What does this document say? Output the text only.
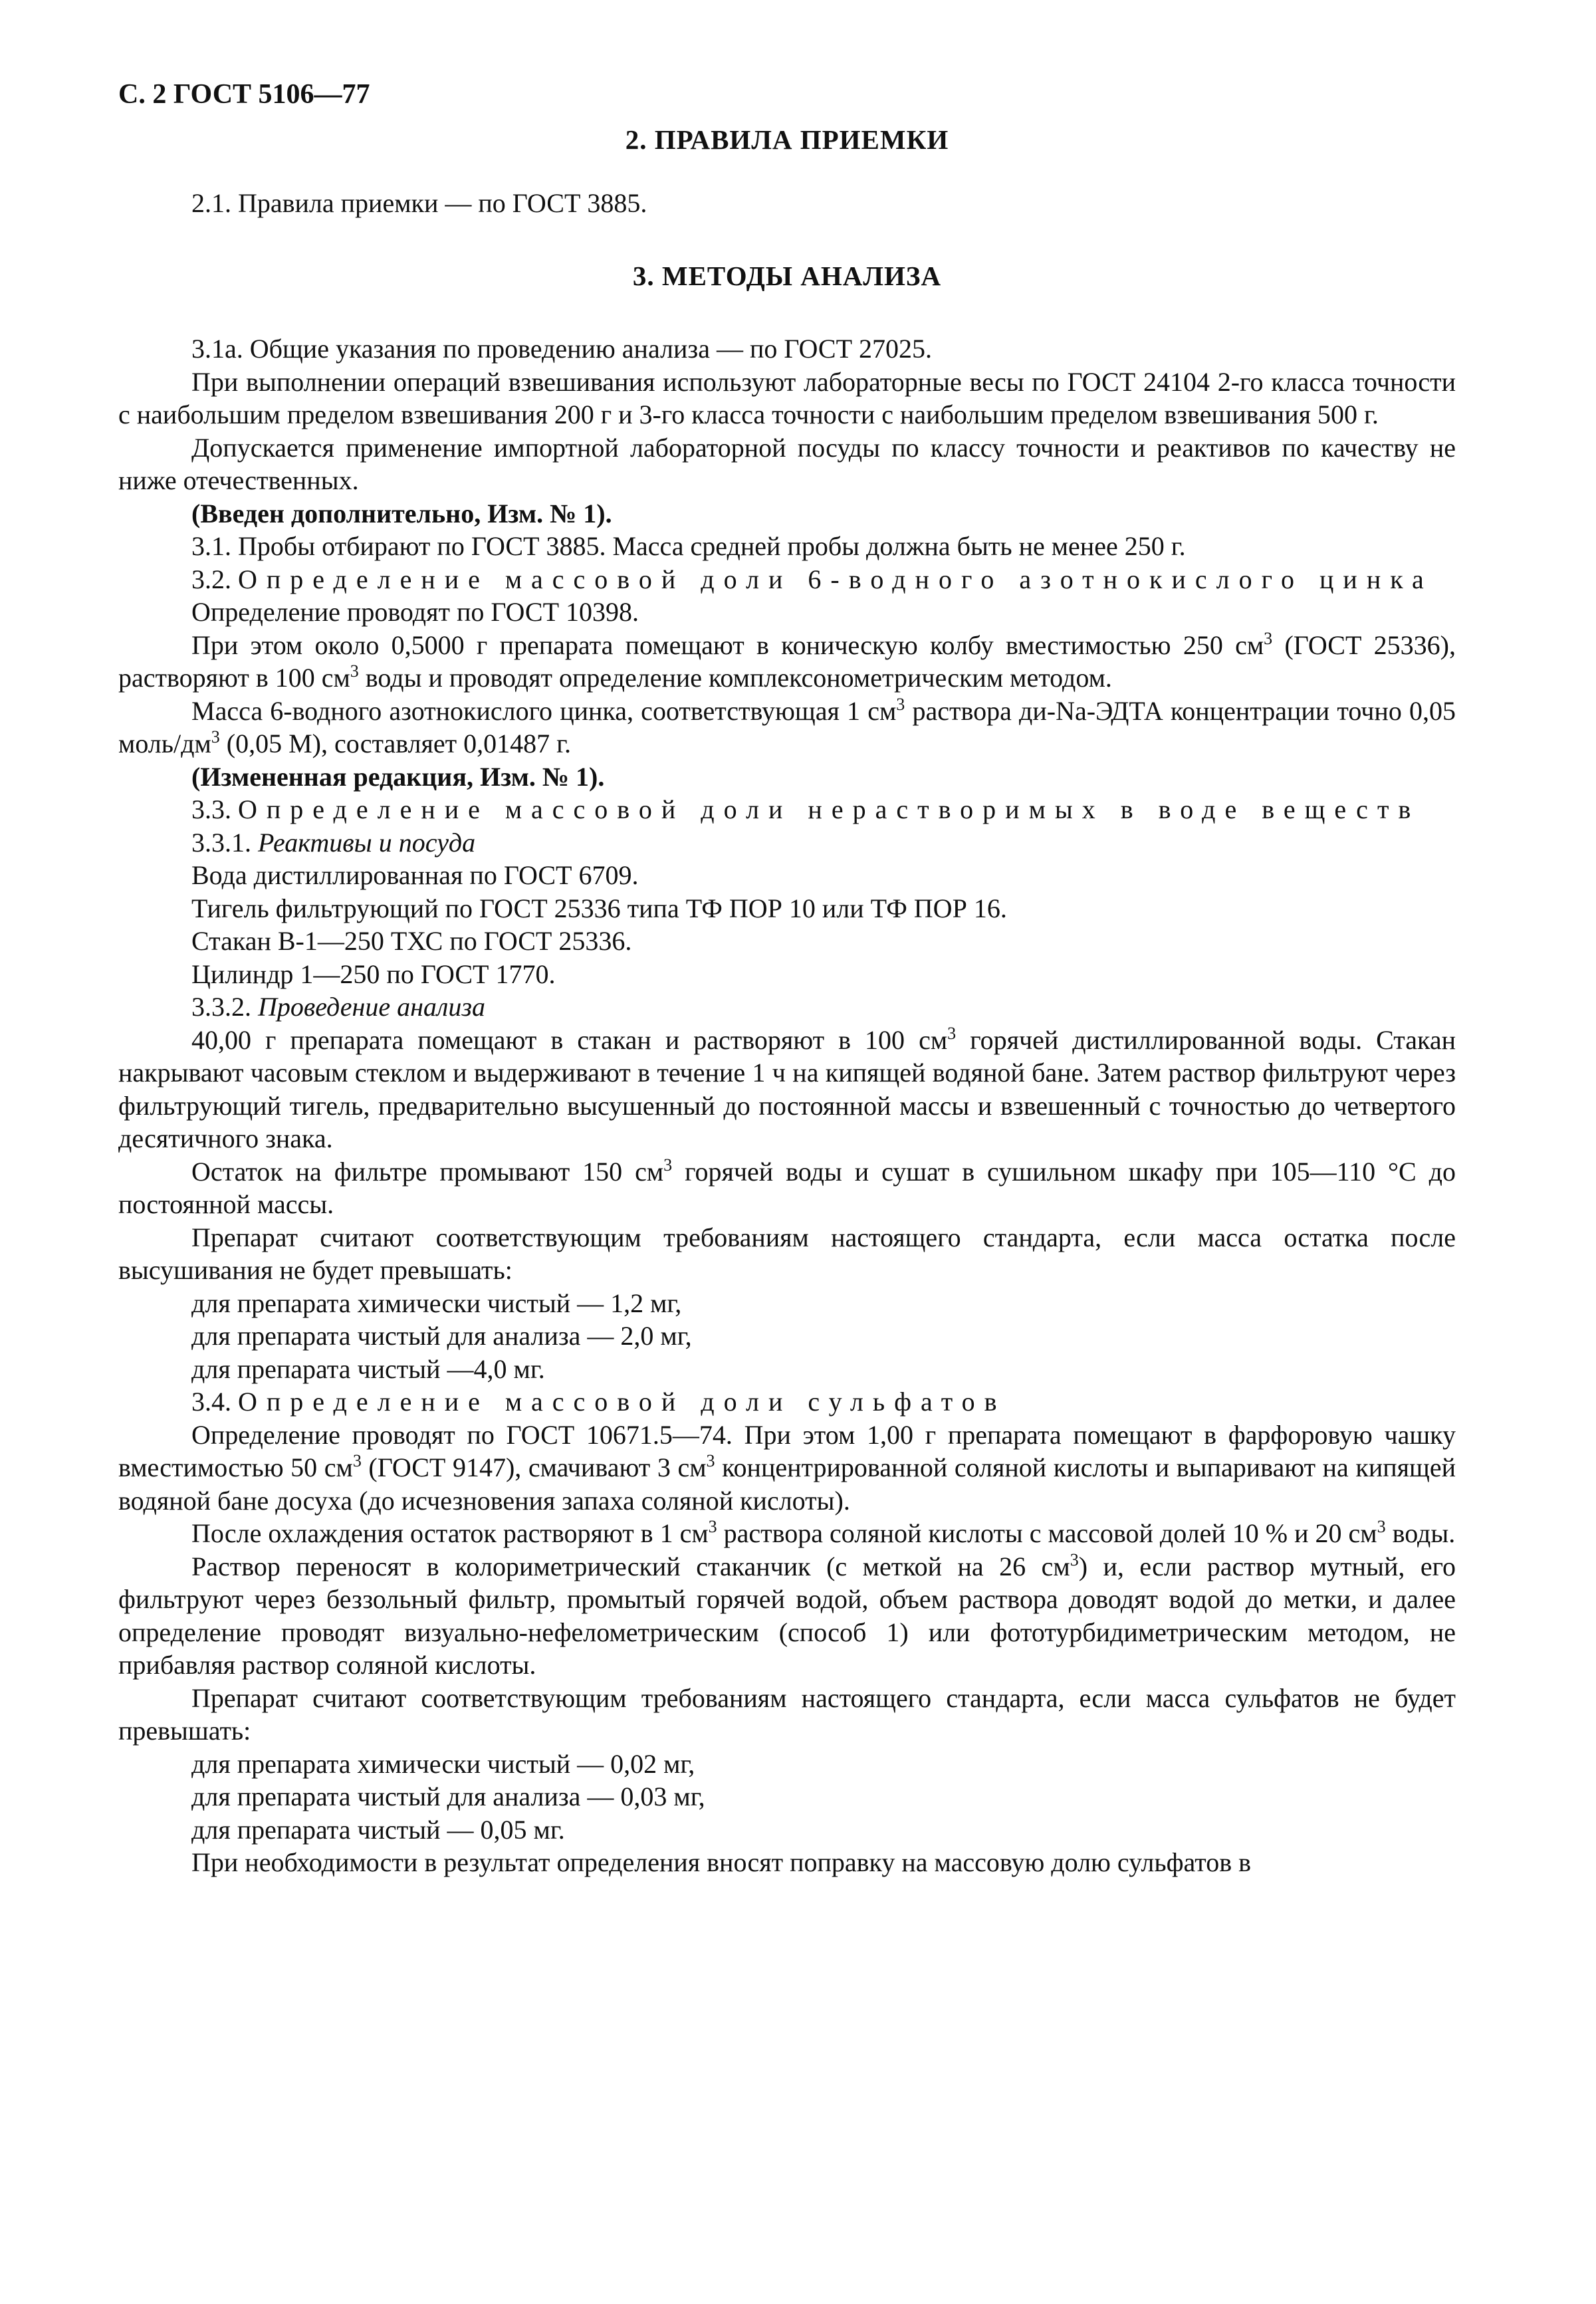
С. 2 ГОСТ 5106—77
2. ПРАВИЛА ПРИЕМКИ

2.1. Правила приемки — по ГОСТ 3885.

3. МЕТОДЫ АНАЛИЗА

3.1а. Общие указания по проведению анализа — по ГОСТ 27025.

При выполнении операций взвешивания используют лабораторные весы по ГОСТ 24104 2-го класса точности с наибольшим пределом взвешивания 200 г и 3-го класса точности с наибольшим пределом взвешивания 500 г.

Допускается применение импортной лабораторной посуды по классу точности и реактивов по качеству не ниже отечественных.

(Введен дополнительно, Изм. № 1).

3.1. Пробы отбирают по ГОСТ 3885. Масса средней пробы должна быть не менее 250 г.

3.2. Определение массовой доли 6-водного азотнокислого цинка

Определение проводят по ГОСТ 10398.

При этом около 0,5000 г препарата помещают в коническую колбу вместимостью 250 $см^3$ (ГОСТ 25336), растворяют в 100 $см^3$ воды и проводят определение комплексонометрическим методом.

Масса 6-водного азотнокислого цинка, соответствующая 1 $см^3$ раствора ди-Na-ЭДТА концентрации точно 0,05 моль/$дм^3$ (0,05 М), составляет 0,01487 г.

(Измененная редакция, Изм. № 1).

3.3. Определение массовой доли нерастворимых в воде веществ

3.3.1. Реактивы и посуда

Вода дистиллированная по ГОСТ 6709.

Тигель фильтрующий по ГОСТ 25336 типа ТФ ПОР 10 или ТФ ПОР 16.

Стакан В-1—250 ТХС по ГОСТ 25336.

Цилиндр 1—250 по ГОСТ 1770.

3.3.2. Проведение анализа

40,00 г препарата помещают в стакан и растворяют в 100 $см^3$ горячей дистиллированной воды. Стакан накрывают часовым стеклом и выдерживают в течение 1 ч на кипящей водяной бане. Затем раствор фильтруют через фильтрующий тигель, предварительно высушенный до постоянной массы и взвешенный с точностью до четвертого десятичного знака.

Остаток на фильтре промывают 150 $см^3$ горячей воды и сушат в сушильном шкафу при 105—110 °С до постоянной массы.

Препарат считают соответствующим требованиям настоящего стандарта, если масса остатка после высушивания не будет превышать:

для препарата химически чистый — 1,2 мг,

для препарата чистый для анализа — 2,0 мг,

для препарата чистый —4,0 мг.

3.4. Определение массовой доли сульфатов

Определение проводят по ГОСТ 10671.5—74. При этом 1,00 г препарата помещают в фарфоровую чашку вместимостью 50 $см^3$ (ГОСТ 9147), смачивают 3 $см^3$ концентрированной соляной кислоты и выпаривают на кипящей водяной бане досуха (до исчезновения запаха соляной кислоты).

После охлаждения остаток растворяют в 1 $см^3$ раствора соляной кислоты с массовой долей 10 % и 20 $см^3$ воды.

Раствор переносят в колориметрический стаканчик (с меткой на 26 $см^3$) и, если раствор мутный, его фильтруют через беззольный фильтр, промытый горячей водой, объем раствора доводят водой до метки, и далее определение проводят визуально-нефелометрическим (способ 1) или фототурбидиметрическим методом, не прибавляя раствор соляной кислоты.

Препарат считают соответствующим требованиям настоящего стандарта, если масса сульфатов не будет превышать:

для препарата химически чистый — 0,02 мг,

для препарата чистый для анализа — 0,03 мг,

для препарата чистый — 0,05 мг.

При необходимости в результат определения вносят поправку на массовую долю сульфатов в
